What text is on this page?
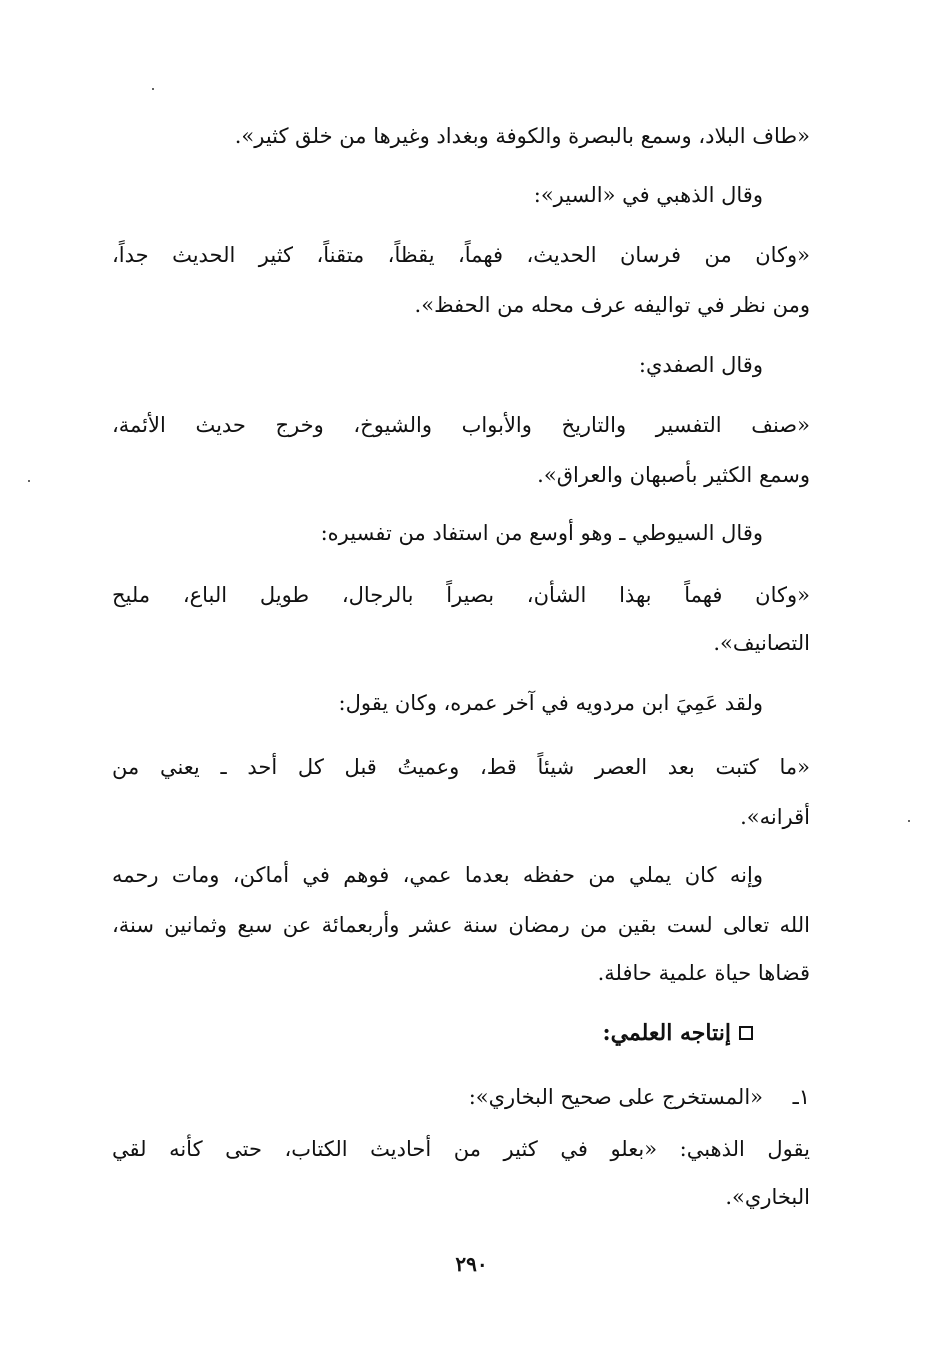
«طاف البلاد، وسمع بالبصرة والكوفة وبغداد وغيرها من خلق كثير».
وقال الذهبي في «السير»:
«وكان من فرسان الحديث، فهماً، يقظاً، متقناً، كثير الحديث جداً،
ومن نظر في تواليفه عرف محله من الحفظ».
وقال الصفدي:
«صنف التفسير والتاريخ والأبواب والشيوخ، وخرج حديث الأئمة،
وسمع الكثير بأصبهان والعراق».
وقال السيوطي ـ وهو أوسع من استفاد من تفسيره:
«وكان فهماً بهذا الشأن، بصيراً بالرجال، طويل الباع، مليح
التصانيف».
ولقد عَمِيَ ابن مردويه في آخر عمره، وكان يقول:
«ما كتبت بعد العصر شيئاً قط، وعميتُ قبل كل أحد ـ يعني من
أقرانه».
وإنه كان يملي من حفظه بعدما عمي، فوهم في أماكن، ومات رحمه
الله تعالى لست بقين من رمضان سنة عشر وأربعمائة عن سبع وثمانين سنة،
قضاها حياة علمية حافلة.
إنتاجه العلمي:
١ـ
«المستخرج على صحيح البخاري»:
يقول الذهبي: «بعلو في كثير من أحاديث الكتاب، حتى كأنه لقي
البخاري».
٢٩٠
